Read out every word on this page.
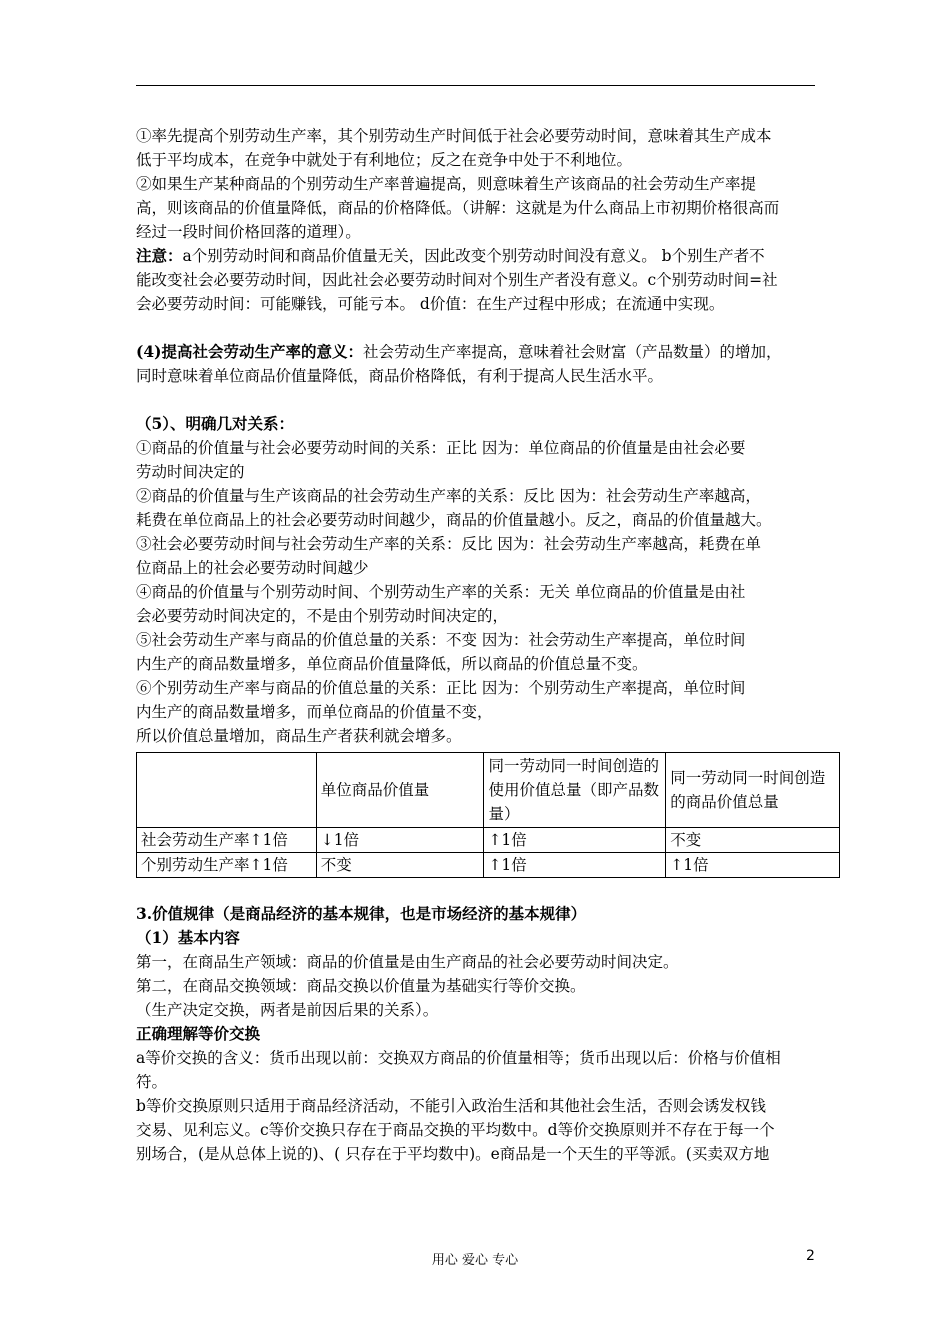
①率先提高个别劳动生产率，其个别劳动生产时间低于社会必要劳动时间，意味着其生产成本

低于平均成本，在竞争中就处于有利地位；反之在竞争中处于不利地位。

②如果生产某种商品的个别劳动生产率普遍提高，则意味着生产该商品的社会劳动生产率提

高，则该商品的价值量降低，商品的价格降低。（讲解：这就是为什么商品上市初期价格很高而

经过一段时间价格回落的道理）。

注意：a个别劳动时间和商品价值量无关，因此改变个别劳动时间没有意义。 b个别生产者不

能改变社会必要劳动时间，因此社会必要劳动时间对个别生产者没有意义。c个别劳动时间=社

会必要劳动时间：可能赚钱，可能亏本。 d价值：在生产过程中形成；在流通中实现。

(4)提高社会劳动生产率的意义：社会劳动生产率提高，意味着社会财富（产品数量）的增加，

同时意味着单位商品价值量降低，商品价格降低，有利于提高人民生活水平。

（5）、明确几对关系：

①商品的价值量与社会必要劳动时间的关系：正比 因为：单位商品的价值量是由社会必要

劳动时间决定的

②商品的价值量与生产该商品的社会劳动生产率的关系：反比 因为：社会劳动生产率越高，

耗费在单位商品上的社会必要劳动时间越少，商品的价值量越小。反之，商品的价值量越大。

③社会必要劳动时间与社会劳动生产率的关系：反比 因为：社会劳动生产率越高，耗费在单

位商品上的社会必要劳动时间越少

④商品的价值量与个别劳动时间、个别劳动生产率的关系：无关 单位商品的价值量是由社

会必要劳动时间决定的，不是由个别劳动时间决定的，

⑤社会劳动生产率与商品的价值总量的关系：不变 因为：社会劳动生产率提高，单位时间

内生产的商品数量增多，单位商品价值量降低，所以商品的价值总量不变。

⑥个别劳动生产率与商品的价值总量的关系：正比 因为：个别劳动生产率提高，单位时间

内生产的商品数量增多，而单位商品的价值量不变，

所以价值总量增加，商品生产者获利就会增多。

	单位商品价值量	同一劳动同一时间创造的使用价值总量（即产品数量）	同一劳动同一时间创造的商品价值总量
社会劳动生产率↑1倍	↓1倍	↑1倍	不变
个别劳动生产率↑1倍	不变	↑1倍	↑1倍

3.价值规律（是商品经济的基本规律，也是市场经济的基本规律）

（1）基本内容

第一，在商品生产领域：商品的价值量是由生产商品的社会必要劳动时间决定。

第二，在商品交换领域：商品交换以价值量为基础实行等价交换。

（生产决定交换，两者是前因后果的关系）。

正确理解等价交换

a等价交换的含义：货币出现以前：交换双方商品的价值量相等；货币出现以后：价格与价值相

符。

b等价交换原则只适用于商品经济活动，不能引入政治生活和其他社会生活，否则会诱发权钱

交易、见利忘义。c等价交换只存在于商品交换的平均数中。d等价交换原则并不存在于每一个

别场合，(是从总体上说的)、( 只存在于平均数中)。e商品是一个天生的平等派。(买卖双方地

用心 爱心 专心	2
